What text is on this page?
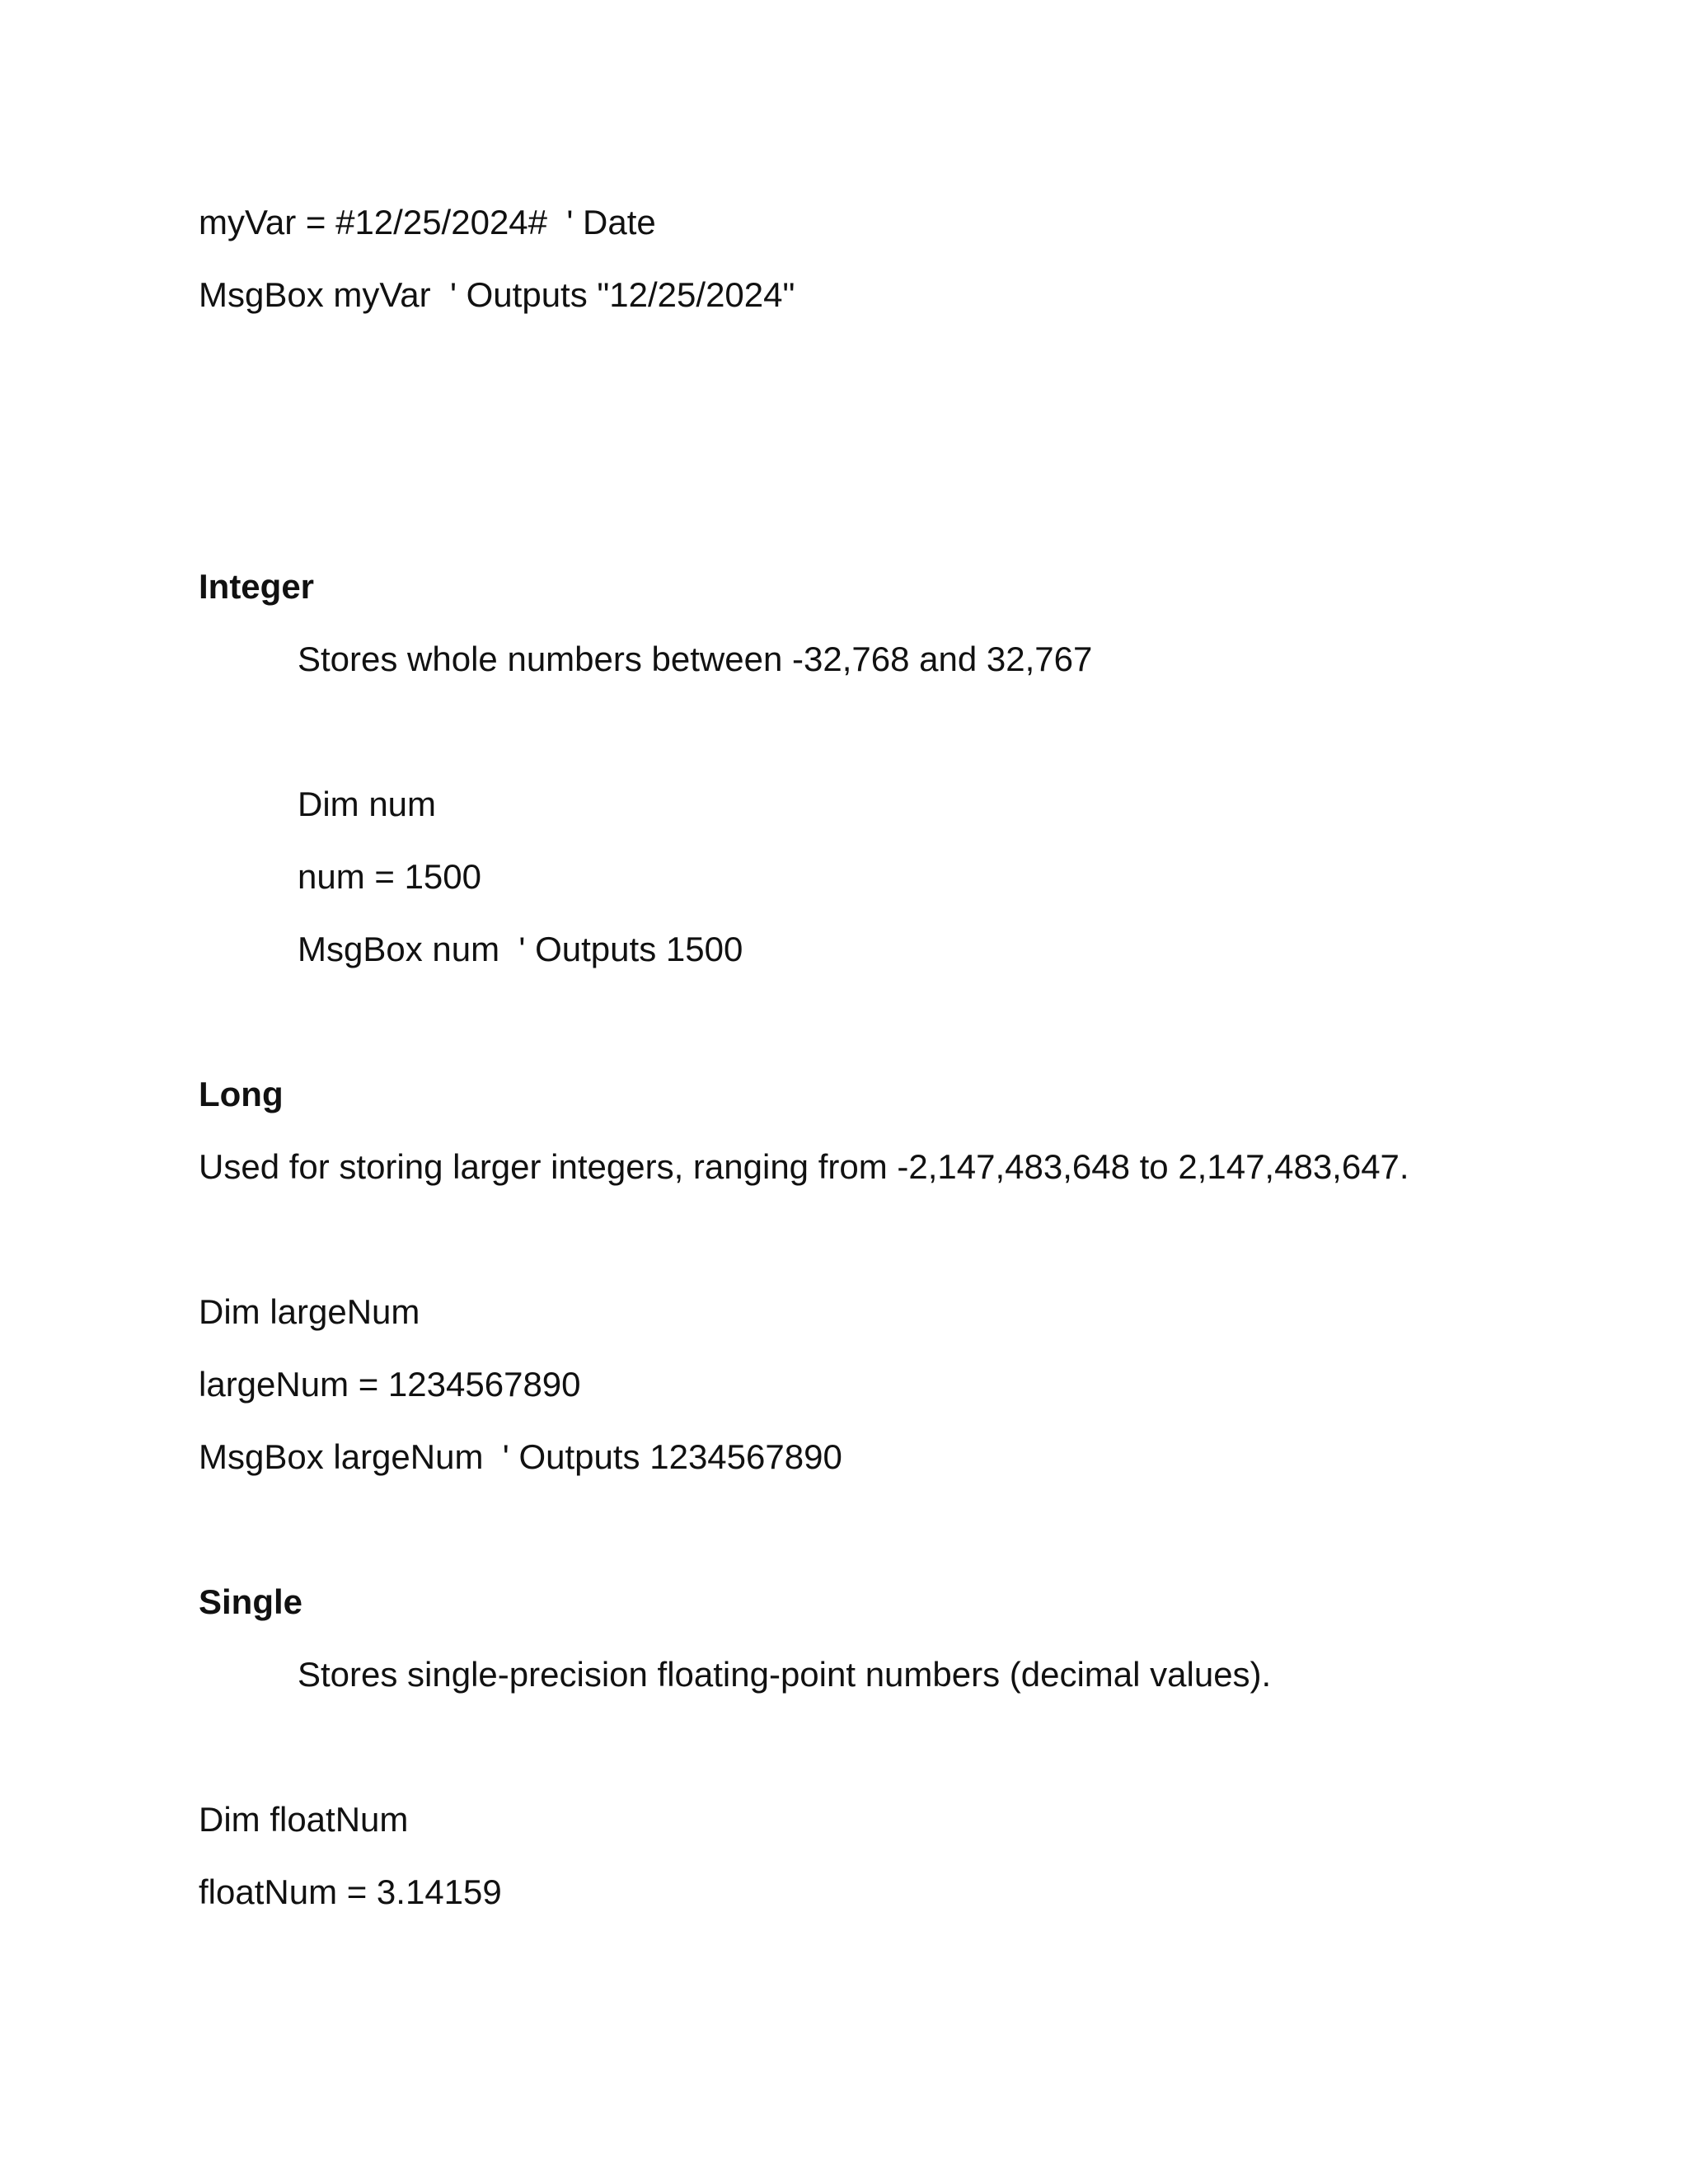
myVar = #12/25/2024#  ' Date
MsgBox myVar  ' Outputs "12/25/2024"
Integer
Stores whole numbers between -32,768 and 32,767
Dim num
num = 1500
MsgBox num  ' Outputs 1500
Long
Used for storing larger integers, ranging from -2,147,483,648 to 2,147,483,647.
Dim largeNum
largeNum = 1234567890
MsgBox largeNum  ' Outputs 1234567890
Single
Stores single-precision floating-point numbers (decimal values).
Dim floatNum
floatNum = 3.14159
